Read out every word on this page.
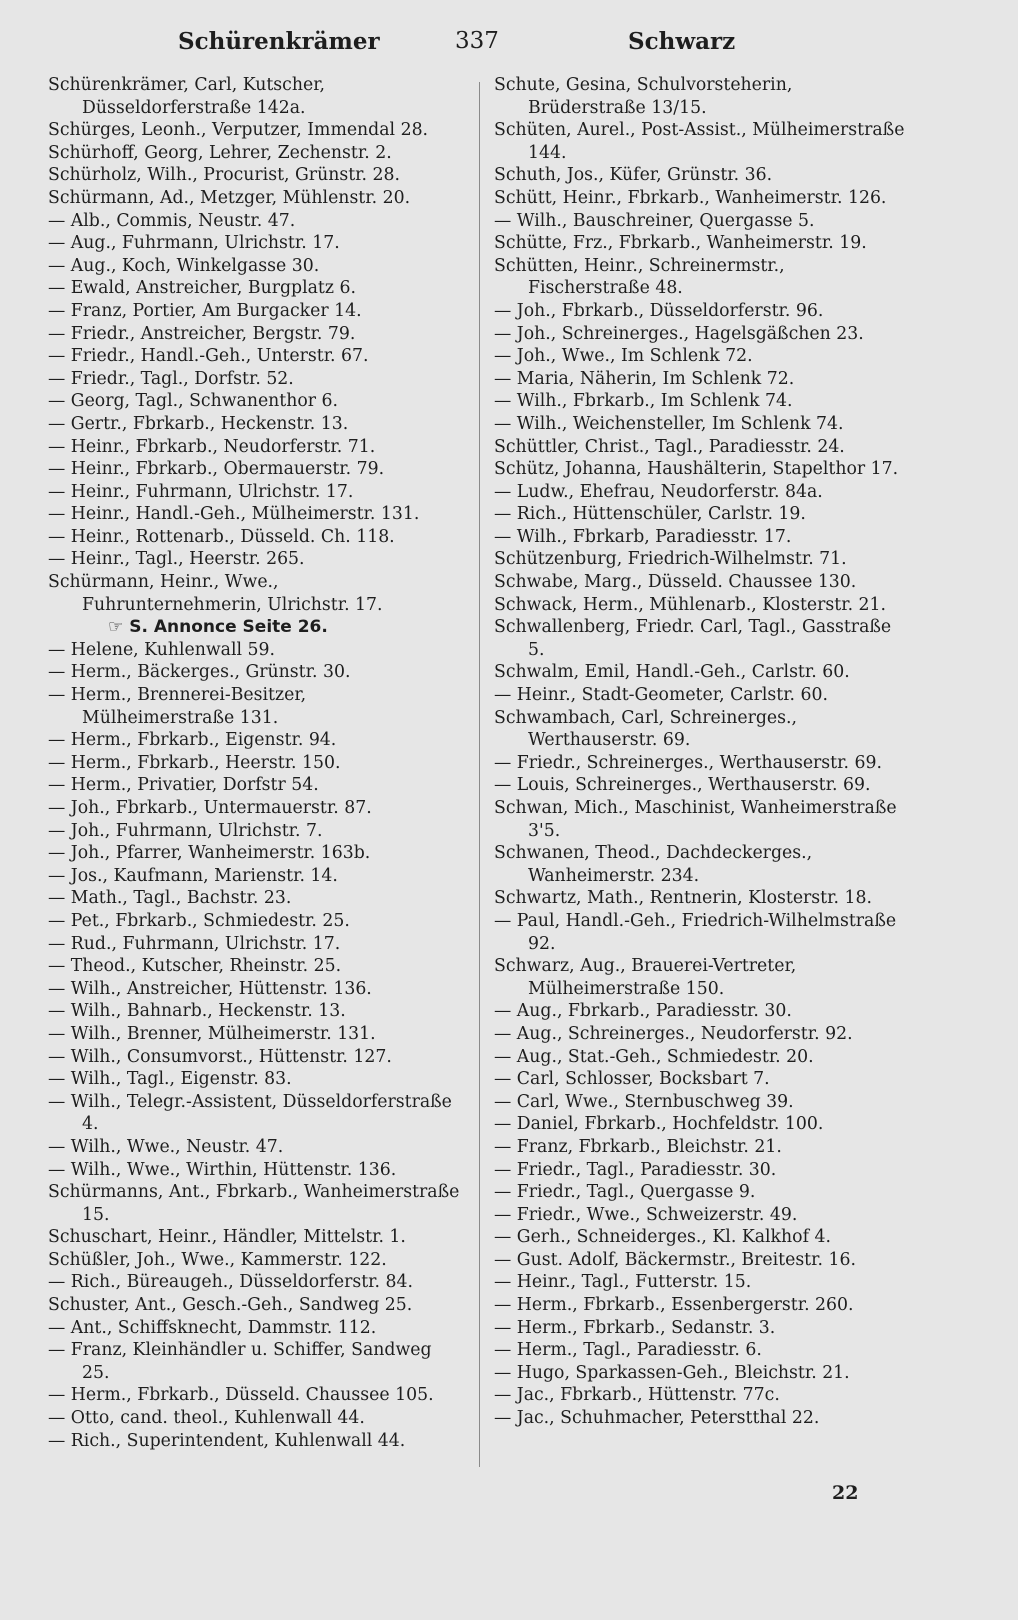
Schürenkrämer	337	Schwarz
Schürenkrämer, Carl, Kutscher, Düsseldorferstraße 142a.
Schürges, Leonh., Verputzer, Immendal 28.
Schürhoff, Georg, Lehrer, Zechenstr. 2.
Schürholz, Wilh., Procurist, Grünstr. 28.
Schürmann, Ad., Metzger, Mühlenstr. 20.
— Alb., Commis, Neustr. 47.
— Aug., Fuhrmann, Ulrichstr. 17.
— Aug., Koch, Winkelgasse 30.
— Ewald, Anstreicher, Burgplatz 6.
— Franz, Portier, Am Burgacker 14.
— Friedr., Anstreicher, Bergstr. 79.
— Friedr., Handl.-Geh., Unterstr. 67.
— Friedr., Tagl., Dorfstr. 52.
— Georg, Tagl., Schwanenthor 6.
— Gertr., Fbrkarb., Heckenstr. 13.
— Heinr., Fbrkarb., Neudorferstr. 71.
— Heinr., Fbrkarb., Obermauerstr. 79.
— Heinr., Fuhrmann, Ulrichstr. 17.
— Heinr., Handl.-Geh., Mülheimerstr. 131.
— Heinr., Rottenarb., Düsseld. Ch. 118.
— Heinr., Tagl., Heerstr. 265.
Schürmann, Heinr., Wwe., Fuhrunternehmerin, Ulrichstr. 17.
☞ S. Annonce Seite 26.
— Helene, Kuhlenwall 59.
— Herm., Bäckerges., Grünstr. 30.
— Herm., Brennerei-Besitzer, Mülheimerstraße 131.
— Herm., Fbrkarb., Eigenstr. 94.
— Herm., Fbrkarb., Heerstr. 150.
— Herm., Privatier, Dorfstr 54.
— Joh., Fbrkarb., Untermauerstr. 87.
— Joh., Fuhrmann, Ulrichstr. 7.
— Joh., Pfarrer, Wanheimerstr. 163b.
— Jos., Kaufmann, Marienstr. 14.
— Math., Tagl., Bachstr. 23.
— Pet., Fbrkarb., Schmiedestr. 25.
— Rud., Fuhrmann, Ulrichstr. 17.
— Theod., Kutscher, Rheinstr. 25.
— Wilh., Anstreicher, Hüttenstr. 136.
— Wilh., Bahnarb., Heckenstr. 13.
— Wilh., Brenner, Mülheimerstr. 131.
— Wilh., Consumvorst., Hüttenstr. 127.
— Wilh., Tagl., Eigenstr. 83.
— Wilh., Telegr.-Assistent, Düsseldorferstraße 4.
— Wilh., Wwe., Neustr. 47.
— Wilh., Wwe., Wirthin, Hüttenstr. 136.
Schürmanns, Ant., Fbrkarb., Wanheimerstraße 15.
Schuschart, Heinr., Händler, Mittelstr. 1.
Schüßler, Joh., Wwe., Kammerstr. 122.
— Rich., Büreaugeh., Düsseldorferstr. 84.
Schuster, Ant., Gesch.-Geh., Sandweg 25.
— Ant., Schiffsknecht, Dammstr. 112.
— Franz, Kleinhändler u. Schiffer, Sandweg 25.
— Herm., Fbrkarb., Düsseld. Chaussee 105.
— Otto, cand. theol., Kuhlenwall 44.
— Rich., Superintendent, Kuhlenwall 44.
Schute, Gesina, Schulvorsteherin, Brüderstraße 13/15.
Schüten, Aurel., Post-Assist., Mülheimerstraße 144.
Schuth, Jos., Küfer, Grünstr. 36.
Schütt, Heinr., Fbrkarb., Wanheimerstr. 126.
— Wilh., Bauschreiner, Quergasse 5.
Schütte, Frz., Fbrkarb., Wanheimerstr. 19.
Schütten, Heinr., Schreinermstr., Fischerstraße 48.
— Joh., Fbrkarb., Düsseldorferstr. 96.
— Joh., Schreinerges., Hagelsgäßchen 23.
— Joh., Wwe., Im Schlenk 72.
— Maria, Näherin, Im Schlenk 72.
— Wilh., Fbrkarb., Im Schlenk 74.
— Wilh., Weichensteller, Im Schlenk 74.
Schüttler, Christ., Tagl., Paradiesstr. 24.
Schütz, Johanna, Haushälterin, Stapelthor 17.
— Ludw., Ehefrau, Neudorferstr. 84a.
— Rich., Hüttenschüler, Carlstr. 19.
— Wilh., Fbrkarb, Paradiesstr. 17.
Schützenburg, Friedrich-Wilhelmstr. 71.
Schwabe, Marg., Düsseld. Chaussee 130.
Schwack, Herm., Mühlenarb., Klosterstr. 21.
Schwallenberg, Friedr. Carl, Tagl., Gasstraße 5.
Schwalm, Emil, Handl.-Geh., Carlstr. 60.
— Heinr., Stadt-Geometer, Carlstr. 60.
Schwambach, Carl, Schreinerges., Werthauserstr. 69.
— Friedr., Schreinerges., Werthauserstr. 69.
— Louis, Schreinerges., Werthauserstr. 69.
Schwan, Mich., Maschinist, Wanheimerstraße 3'5.
Schwanen, Theod., Dachdeckerges., Wanheimerstr. 234.
Schwartz, Math., Rentnerin, Klosterstr. 18.
— Paul, Handl.-Geh., Friedrich-Wilhelmstraße 92.
Schwarz, Aug., Brauerei-Vertreter, Mülheimerstraße 150.
— Aug., Fbrkarb., Paradiesstr. 30.
— Aug., Schreinerges., Neudorferstr. 92.
— Aug., Stat.-Geh., Schmiedestr. 20.
— Carl, Schlosser, Bocksbart 7.
— Carl, Wwe., Sternbuschweg 39.
— Daniel, Fbrkarb., Hochfeldstr. 100.
— Franz, Fbrkarb., Bleichstr. 21.
— Friedr., Tagl., Paradiesstr. 30.
— Friedr., Tagl., Quergasse 9.
— Friedr., Wwe., Schweizerstr. 49.
— Gerh., Schneiderges., Kl. Kalkhof 4.
— Gust. Adolf, Bäckermstr., Breitestr. 16.
— Heinr., Tagl., Futterstr. 15.
— Herm., Fbrkarb., Essenbergerstr. 260.
— Herm., Fbrkarb., Sedanstr. 3.
— Herm., Tagl., Paradiesstr. 6.
— Hugo, Sparkassen-Geh., Bleichstr. 21.
— Jac., Fbrkarb., Hüttenstr. 77c.
— Jac., Schuhmacher, Peterstthal 22.
22
